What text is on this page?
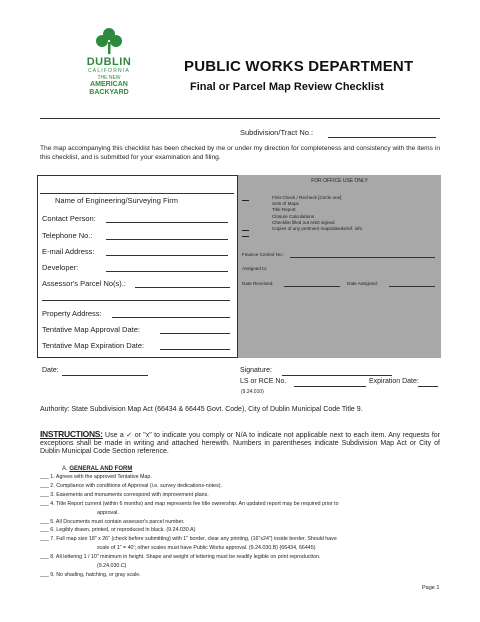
DUBLIN
CALIFORNIA
THE NEW
AMERICAN
BACKYARD
PUBLIC WORKS DEPARTMENT
Final or Parcel Map Review Checklist
Subdivision/Tract No.:
The map accompanying this checklist has been checked by me or under my direction for completeness and consistency with the items in this checklist, and is submitted for your examination and filing.
Name of Engineering/Surveying Firm
Contact Person:
Telephone No.:
E-mail Address:
Developer:
Assessor's Parcel No(s).:
Property Address:
Tentative Map Approval Date:
Tentative Map Expiration Date:
FOR OFFICE USE ONLY
First Check / Recheck [Circle one]
Sets of Maps
Title Report
Closure Calculations
Checklist filled out AND signed
Copies of any pertinent maps/deeds/ref. info
Finance Control No.:
Assigned to:
Date Received:	Date Assigned:
Date:	Signature:
LS or RCE No.	Expiration Date:
(9.24.010)
Authority: State Subdivision Map Act (66434 & 66445 Govt. Code), City of Dublin Municipal Code Title 9.
INSTRUCTIONS: Use a ✓ or "x" to indicate you comply or N/A to indicate not applicable next to each item. Any requests for exceptions shall be made in writing and attached herewith. Numbers in parentheses indicate Subdivision Map Act or City of Dublin Municipal Code Section reference.
A. GENERAL AND FORM
___ 1. Agrees with the approved Tentative Map.
___ 2. Compliance with conditions of Approval (i.e. survey dedications-notes).
___ 3. Easements and monuments correspond with improvement plans.
___ 4. Title Report current (within 6 months) and map represents fee title ownership. An updated report may be required prior to
approval.
___ 5. All Documents must contain assessor's parcel number.
___ 6. Legibly drawn, printed, or reproduced in black. (9.24.030.A)
___ 7. Full map size 18" x 26" (check before submitting) with 1" border, clear any printing, (16"x24") inside border. Should have
scale of 1" = 40'; other scales must have Public Works approval. (9.24.030.B) (66434, 66445)
___ 8. All lettering 1 / 10" minimum in height. Shape and weight of lettering must be readily legible on print reproduction.
(9.24.030.C)
___ 9. No shading, hatching, or gray scale.
Page 1
